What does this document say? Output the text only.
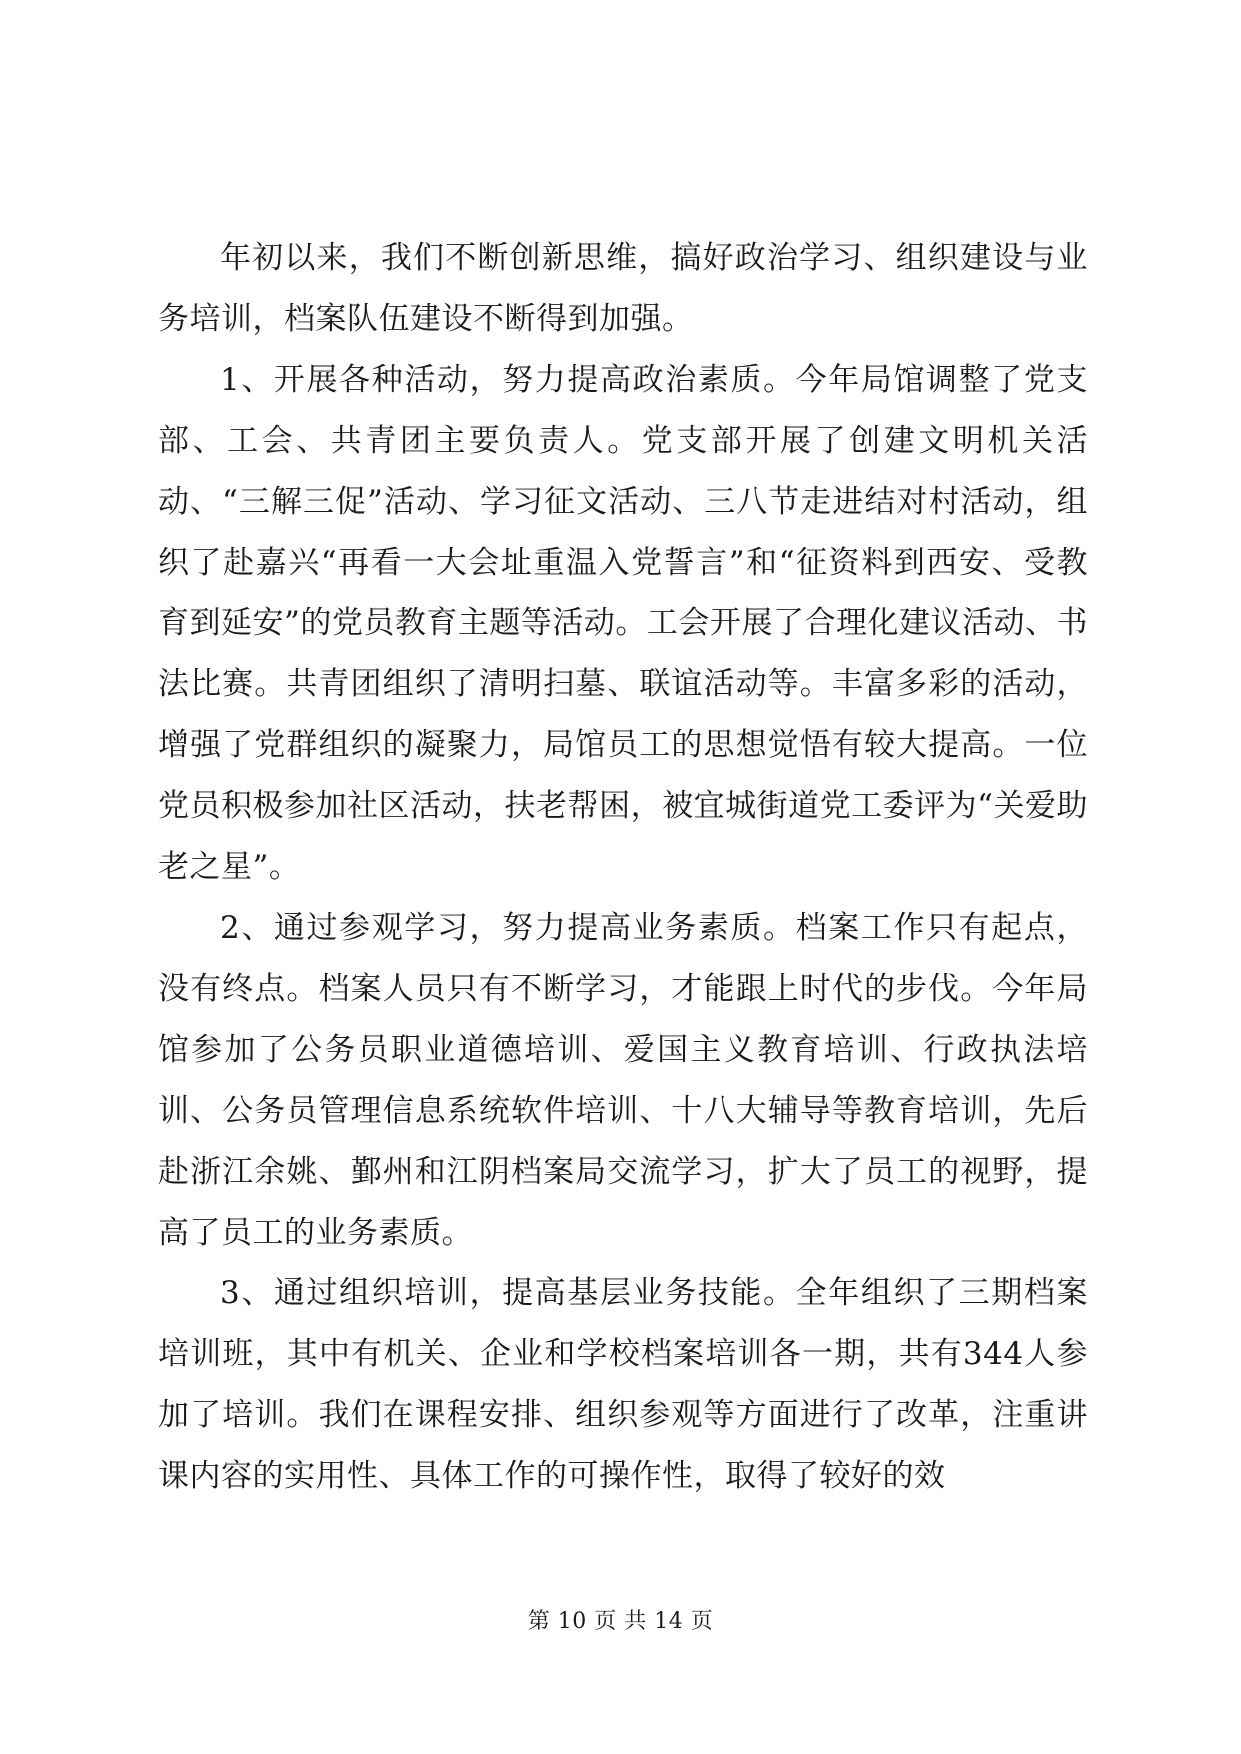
年初以来，我们不断创新思维，搞好政治学习、组织建设与业务培训，档案队伍建设不断得到加强。

1、开展各种活动，努力提高政治素质。今年局馆调整了党支部、工会、共青团主要负责人。党支部开展了创建文明机关活动、“三解三促”活动、学习征文活动、三八节走进结对村活动，组织了赴嘉兴“再看一大会址重温入党誓言”和“征资料到西安、受教育到延安”的党员教育主题等活动。工会开展了合理化建议活动、书法比赛。共青团组织了清明扫墓、联谊活动等。丰富多彩的活动，增强了党群组织的凝聚力，局馆员工的思想觉悟有较大提高。一位党员积极参加社区活动，扶老帮困，被宜城街道党工委评为“关爱助老之星”。

2、通过参观学习，努力提高业务素质。档案工作只有起点，没有终点。档案人员只有不断学习，才能跟上时代的步伐。今年局馆参加了公务员职业道德培训、爱国主义教育培训、行政执法培训、公务员管理信息系统软件培训、十八大辅导等教育培训，先后赴浙江余姚、鄞州和江阴档案局交流学习，扩大了员工的视野，提高了员工的业务素质。

3、通过组织培训，提高基层业务技能。全年组织了三期档案培训班，其中有机关、企业和学校档案培训各一期，共有344人参加了培训。我们在课程安排、组织参观等方面进行了改革，注重讲课内容的实用性、具体工作的可操作性，取得了较好的效

第 10 页 共 14 页
